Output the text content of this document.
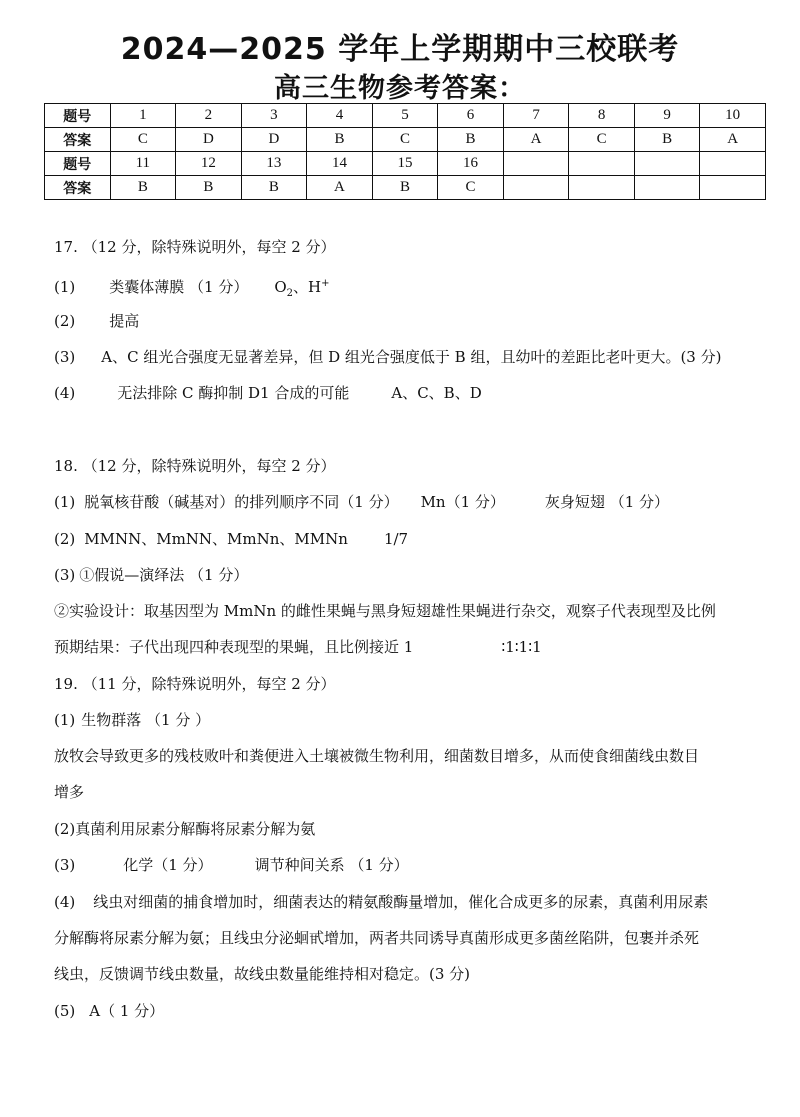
2024—2025 学年上学期期中三校联考
高三生物参考答案：
题号	1	2	3	4	5	6	7	8	9	10
答案	C	D	D	B	C	B	A	C	B	A
题号	11	12	13	14	15	16				
答案	B	B	B	A	B	C				
17. （12 分，除特殊说明外，每空 2 分）
(1) 类囊体薄膜 （1 分） $O_2$、H+
(2) 提高
(3) A、C 组光合强度无显著差异，但 D 组光合强度低于 B 组，且幼叶的差距比老叶更大。(3 分)
(4)	无法排除 C 酶抑制 D1 合成的可能	A、C、B、D
18. （12 分，除特殊说明外，每空 2 分）
(1) 脱氧核苷酸（碱基对）的排列顺序不同（1 分） Mn（1 分）	灰身短翅 （1 分）
(2) MMNN、MmNN、MmNn、MMNn 1/7
(3) ①假说—演绎法 （1 分）
②实验设计：取基因型为 MmNn 的雌性果蝇与黑身短翅雄性果蝇进行杂交，观察子代表现型及比例
预期结果：子代出现四种表现型的果蝇，且比例接近 1	∶1∶1∶1
19. （11 分，除特殊说明外，每空 2 分）
(1) 生物群落 （1 分 ）
放牧会导致更多的残枝败叶和粪便进入土壤被微生物利用，细菌数目增多，从而使食细菌线虫数目
增多
(2)真菌利用尿素分解酶将尿素分解为氨
(3)	化学（1 分）	调节种间关系 （1 分）
(4) 线虫对细菌的捕食增加时，细菌表达的精氨酸酶量增加，催化合成更多的尿素，真菌利用尿素
分解酶将尿素分解为氨；且线虫分泌蛔甙增加，两者共同诱导真菌形成更多菌丝陷阱，包裹并杀死
线虫，反馈调节线虫数量，故线虫数量能维持相对稳定。(3 分)
(5) A（ 1 分）
